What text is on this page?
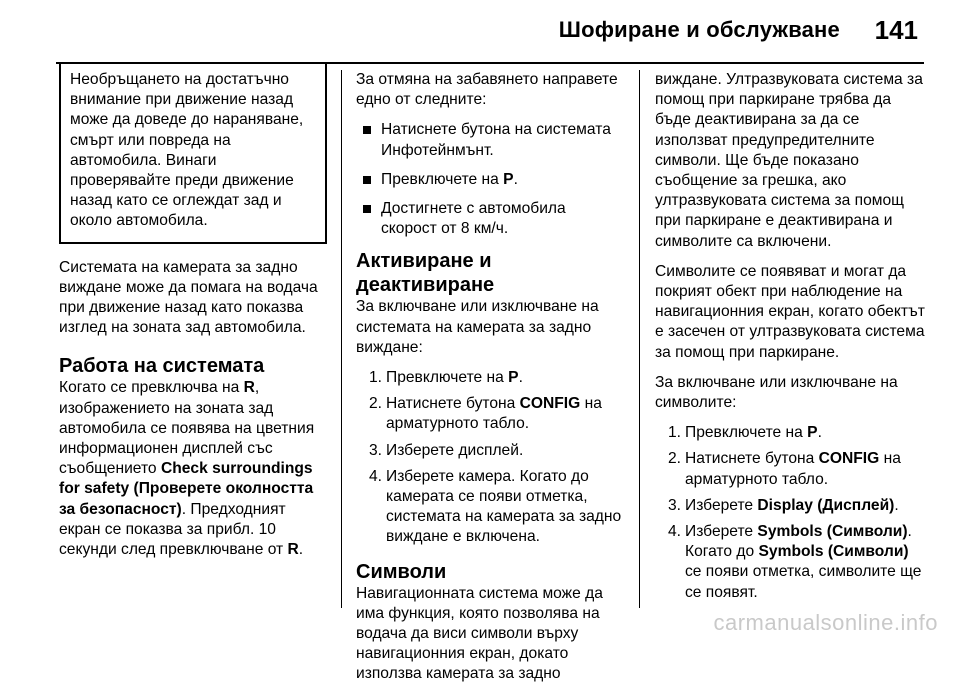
Шофиране и обслужване 141
Необръщането на достатъчно внимание при движение назад може да доведе до нараняване, смърт или повреда на автомобила. Винаги проверявайте преди движение назад като се оглеждат зад и около автомобила.

Системата на камерата за задно виждане може да помага на водача при движение назад като показва изглед на зоната зад автомобила.

Работа на системата

Когато се превключва на R, изображението на зоната зад автомобила се появява на цветния информационен дисплей със съобщението Check surroundings for safety (Проверете околността за безопасност). Предходният екран се показва за прибл. 10 секунди след превключване от R.

За отмяна на забавянето направете едно от следните:

Натиснете бутона на системата Инфотейнмънт.
Превключете на P.
Достигнете с автомобила скорост от 8 км/ч.
Активиране и деактивиране

За включване или изключване на системата на камерата за задно виждане:

1. Превключете на P.
2. Натиснете бутона CONFIG на арматурното табло.
3. Изберете дисплей.
4. Изберете камера. Когато до камерата се появи отметка, системата на камерата за задно виждане е включена.
Символи

Навигационната система може да има функция, която позволява на водача да виси символи върху навигационния екран, докато използва камерата за задно

виждане. Ултразвуковата система за помощ при паркиране трябва да бъде деактивирана за да се използват предупредителните символи. Ще бъде показано съобщение за грешка, ако ултразвуковата система за помощ при паркиране е деактивирана и символите са включени.

Символите се появяват и могат да покрият обект при наблюдение на навигационния екран, когато обектът е засечен от ултразвуковата система за помощ при паркиране.

За включване или изключване на символите:

1. Превключете на P.
2. Натиснете бутона CONFIG на арматурното табло.
3. Изберете Display (Дисплей).
4. Изберете Symbols (Символи). Когато до Symbols (Символи) се появи отметка, символите ще се появят.
carmanualsonline.info
